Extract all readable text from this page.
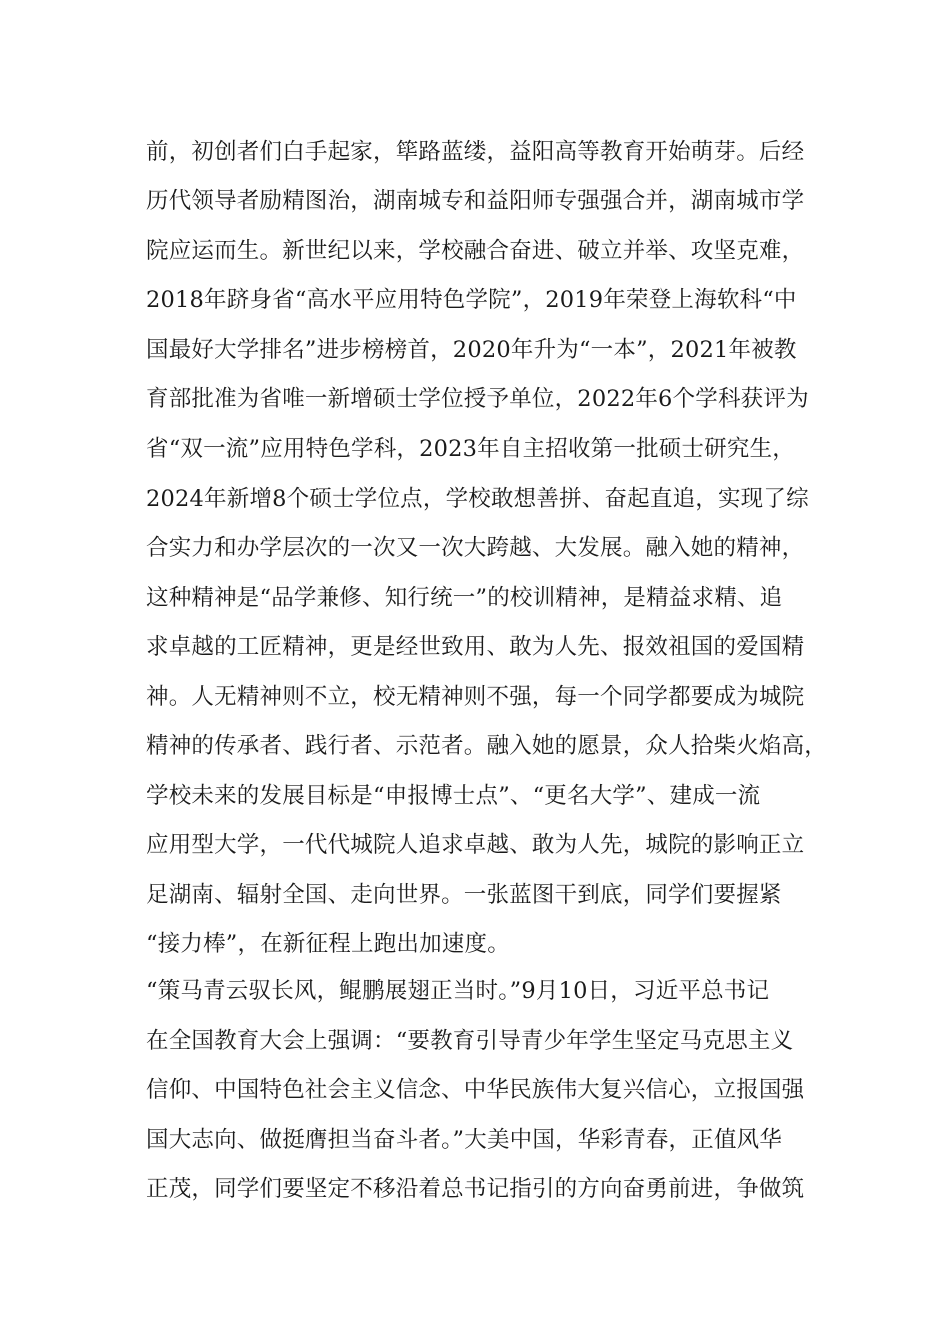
前，初创者们白手起家，筚路蓝缕，益阳高等教育开始萌芽。后经
历代领导者励精图治，湖南城专和益阳师专强强合并，湖南城市学
院应运而生。新世纪以来，学校融合奋进、破立并举、攻坚克难，
2018年跻身省“高水平应用特色学院”，2019年荣登上海软科“中
国最好大学排名”进步榜榜首，2020年升为“一本”，2021年被教
育部批准为省唯一新增硕士学位授予单位，2022年6个学科获评为
省“双一流”应用特色学科，2023年自主招收第一批硕士研究生，
2024年新增8个硕士学位点，学校敢想善拼、奋起直追，实现了综
合实力和办学层次的一次又一次大跨越、大发展。融入她的精神，
这种精神是“品学兼修、知行统一”的校训精神，是精益求精、追
求卓越的工匠精神，更是经世致用、敢为人先、报效祖国的爱国精
神。人无精神则不立，校无精神则不强，每一个同学都要成为城院
精神的传承者、践行者、示范者。融入她的愿景，众人拾柴火焰高，
学校未来的发展目标是“申报博士点”、“更名大学”、建成一流
应用型大学，一代代城院人追求卓越、敢为人先，城院的影响正立
足湖南、辐射全国、走向世界。一张蓝图干到底，同学们要握紧
“接力棒”，在新征程上跑出加速度。
“策马青云驭长风，鲲鹏展翅正当时。”9月10日，习近平总书记
在全国教育大会上强调：“要教育引导青少年学生坚定马克思主义
信仰、中国特色社会主义信念、中华民族伟大复兴信心，立报国强
国大志向、做挺膺担当奋斗者。”大美中国，华彩青春，正值风华
正茂，同学们要坚定不移沿着总书记指引的方向奋勇前进，争做筑
